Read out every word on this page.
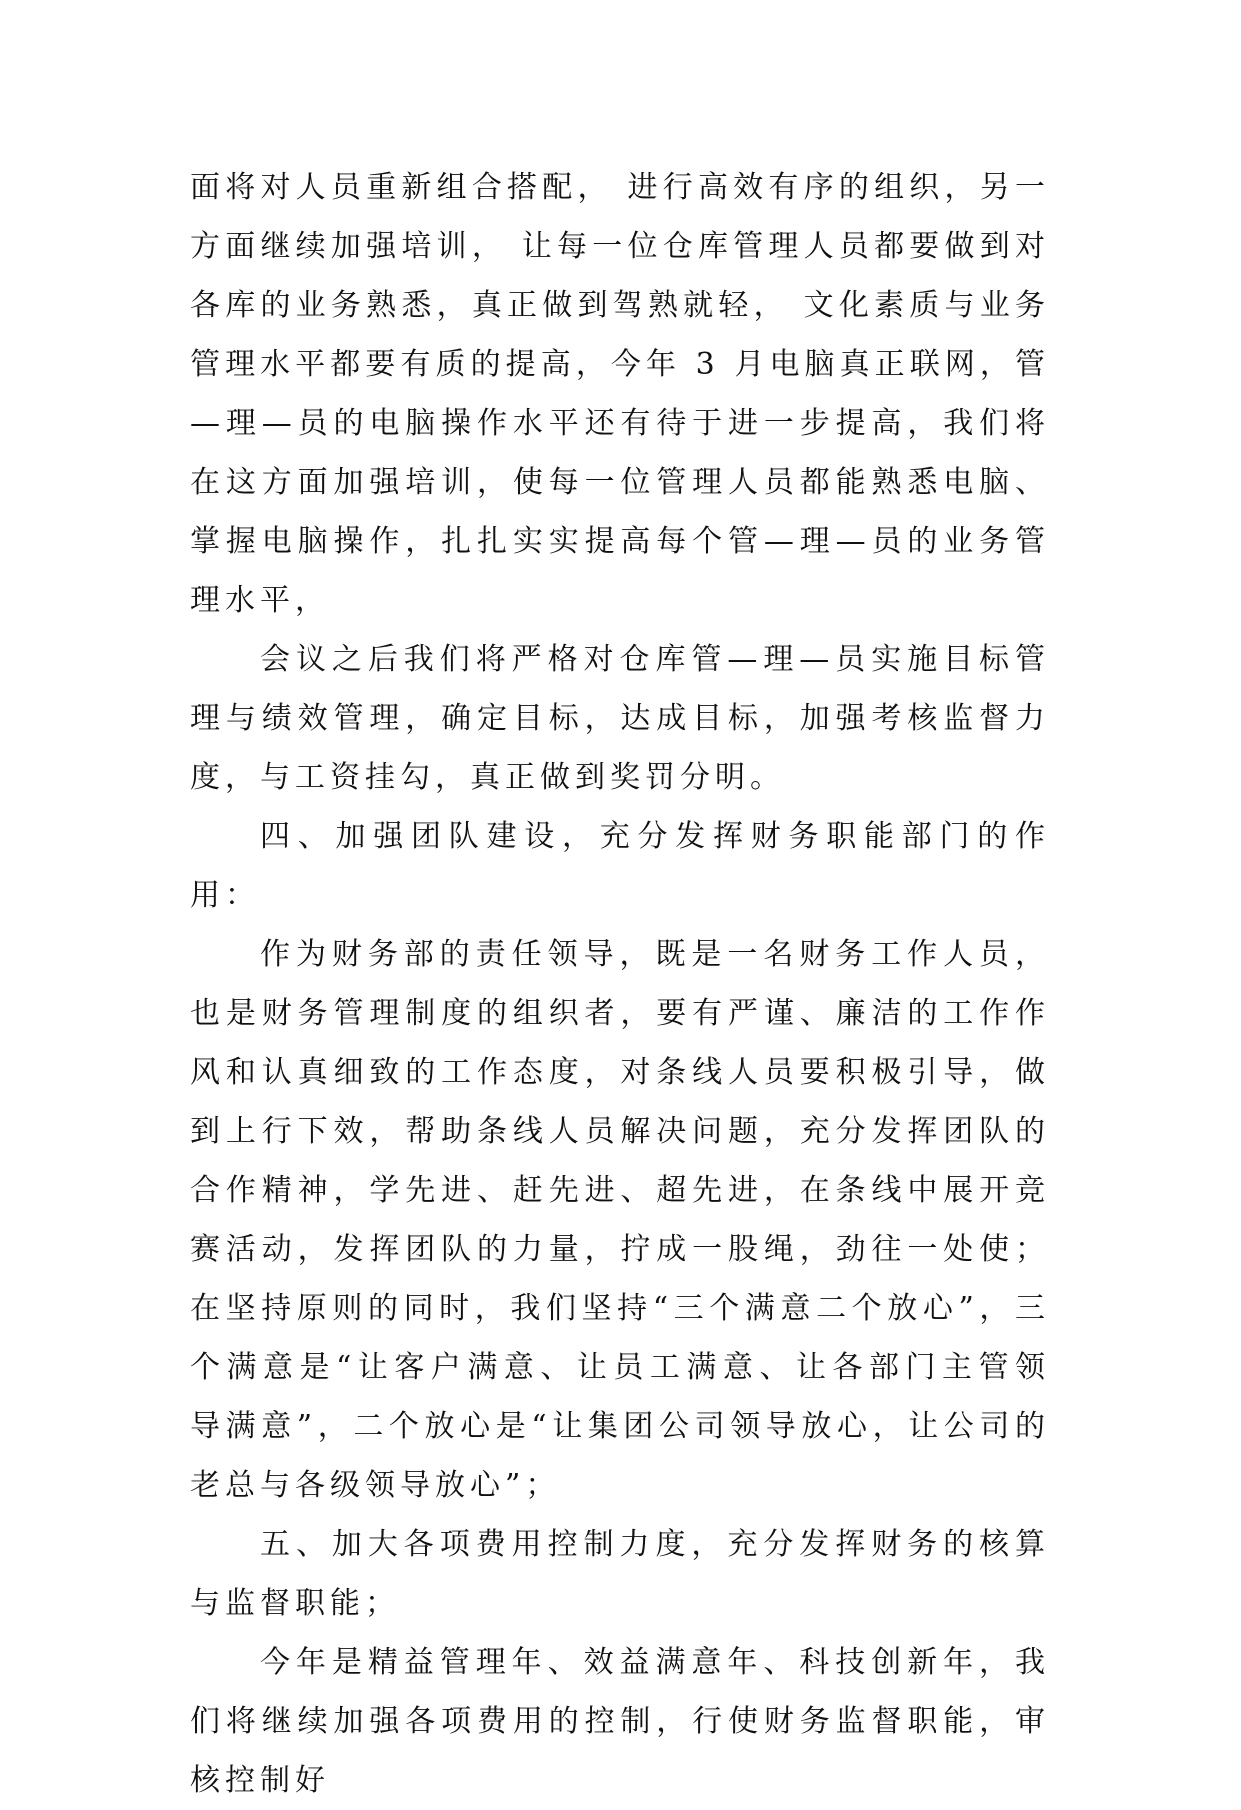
面将对人员重新组合搭配， 进行高效有序的组织，另一方面继续加强培训， 让每一位仓库管理人员都要做到对各库的业务熟悉，真正做到驾熟就轻， 文化素质与业务管理水平都要有质的提高，今年 3 月电脑真正联网，管—理—员的电脑操作水平还有待于进一步提高，我们将在这方面加强培训，使每一位管理人员都能熟悉电脑、掌握电脑操作，扎扎实实提高每个管—理—员的业务管理水平，

会议之后我们将严格对仓库管—理—员实施目标管理与绩效管理，确定目标，达成目标，加强考核监督力度，与工资挂勾，真正做到奖罚分明。

四、加强团队建设，充分发挥财务职能部门的作用：

作为财务部的责任领导，既是一名财务工作人员，也是财务管理制度的组织者，要有严谨、廉洁的工作作风和认真细致的工作态度，对条线人员要积极引导，做到上行下效，帮助条线人员解决问题，充分发挥团队的合作精神，学先进、赶先进、超先进，在条线中展开竞赛活动，发挥团队的力量，拧成一股绳，劲往一处使；在坚持原则的同时，我们坚持“三个满意二个放心”，三个满意是“让客户满意、让员工满意、让各部门主管领导满意”，二个放心是“让集团公司领导放心，让公司的老总与各级领导放心”；

五、加大各项费用控制力度，充分发挥财务的核算与监督职能；

今年是精益管理年、效益满意年、科技创新年，我们将继续加强各项费用的控制，行使财务监督职能，审核控制好
